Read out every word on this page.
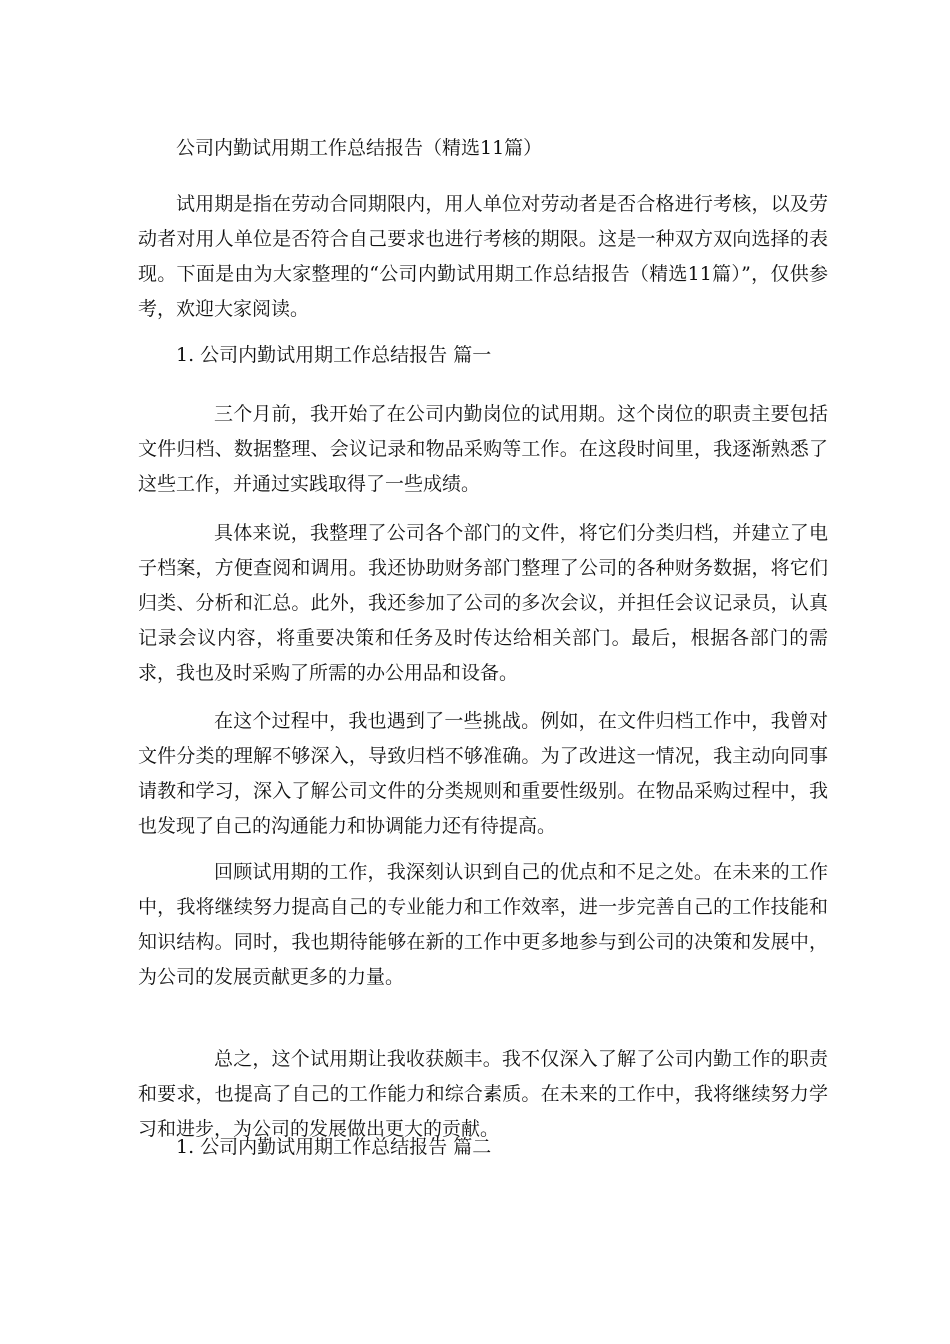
公司内勤试用期工作总结报告（精选11篇）
试用期是指在劳动合同期限内，用人单位对劳动者是否合格进行考核，以及劳动者对用人单位是否符合自己要求也进行考核的期限。这是一种双方双向选择的表现。下面是由为大家整理的“公司内勤试用期工作总结报告（精选11篇）”，仅供参考，欢迎大家阅读。
1. 公司内勤试用期工作总结报告 篇一
三个月前，我开始了在公司内勤岗位的试用期。这个岗位的职责主要包括文件归档、数据整理、会议记录和物品采购等工作。在这段时间里，我逐渐熟悉了这些工作，并通过实践取得了一些成绩。
具体来说，我整理了公司各个部门的文件，将它们分类归档，并建立了电子档案，方便查阅和调用。我还协助财务部门整理了公司的各种财务数据，将它们归类、分析和汇总。此外，我还参加了公司的多次会议，并担任会议记录员，认真记录会议内容，将重要决策和任务及时传达给相关部门。最后，根据各部门的需求，我也及时采购了所需的办公用品和设备。
在这个过程中，我也遇到了一些挑战。例如，在文件归档工作中，我曾对文件分类的理解不够深入，导致归档不够准确。为了改进这一情况，我主动向同事请教和学习，深入了解公司文件的分类规则和重要性级别。在物品采购过程中，我也发现了自己的沟通能力和协调能力还有待提高。
回顾试用期的工作，我深刻认识到自己的优点和不足之处。在未来的工作中，我将继续努力提高自己的专业能力和工作效率，进一步完善自己的工作技能和知识结构。同时，我也期待能够在新的工作中更多地参与到公司的决策和发展中，为公司的发展贡献更多的力量。
总之，这个试用期让我收获颇丰。我不仅深入了解了公司内勤工作的职责和要求，也提高了自己的工作能力和综合素质。在未来的工作中，我将继续努力学习和进步，为公司的发展做出更大的贡献。
1. 公司内勤试用期工作总结报告 篇二
